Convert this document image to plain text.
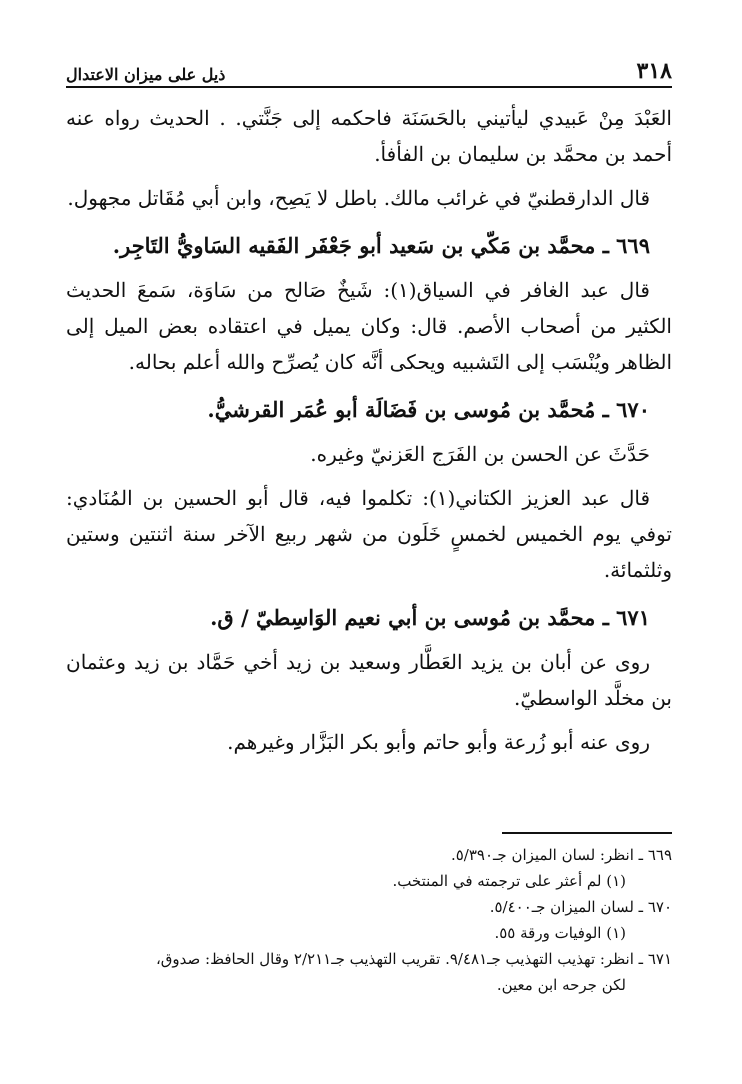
٣١٨
ذيل على ميزان الاعتدال

العَبْدَ مِنْ عَبيدي ليأتيني بالحَسَنَة فاحكمه إلى جَنَّتي. . الحديث رواه عنه أحمد بن محمَّد بن سليمان بن الفأفأ.

قال الدارقطنيّ في غرائب مالك. باطل لا يَصِح، وابن أبي مُقَاتل مجهول.

٦٦٩ ـ محمَّد بن مَكّي بن سَعيد أبو جَعْفَر الفَقيه السَاويُّ التَاجِر.

قال عبد الغافر في السياق(١): شَيخٌ صَالح من سَاوَة، سَمعَ الحديث الكثير من أصحاب الأصم. قال: وكان يميل في اعتقاده بعض الميل إلى الظاهر ويُنْسَب إلى التَشبيه ويحكى أنَّه كان يُصرِّح والله أعلم بحاله.

٦٧٠ ـ مُحمَّد بن مُوسى بن فَضَالَة أبو عُمَر القرشيُّ.

حَدَّثَ عن الحسن بن الفَرَج العَزنيّ وغيره.

قال عبد العزيز الكتاني(١): تكلموا فيه، قال أبو الحسين بن المُنَادي: توفي يوم الخميس لخمسٍ خَلَون من شهر ربيع الآخر سنة اثنتين وستين وثلثمائة.

٦٧١ ـ محمَّد بن مُوسى بن أبي نعيم الوَاسِطيّ / ق.

روى عن أبان بن يزيد العَطَّار وسعيد بن زيد أخي حَمَّاد بن زيد وعثمان بن مخلَّد الواسطيّ.

روى عنه أبو زُرعة وأبو حاتم وأبو بكر البَزَّار وغيرهم.

٦٦٩ ـ انظر: لسان الميزان جـ٥/٣٩٠.

(١) لم أعثر على ترجمته في المنتخب.

٦٧٠ ـ لسان الميزان جـ٥/٤٠٠.

(١) الوفيات ورقة ٥٥.

٦٧١ ـ انظر: تهذيب التهذيب جـ٩/٤٨١. تقريب التهذيب جـ٢/٢١١ وقال الحافظ: صدوق،

لكن جرحه ابن معين.
